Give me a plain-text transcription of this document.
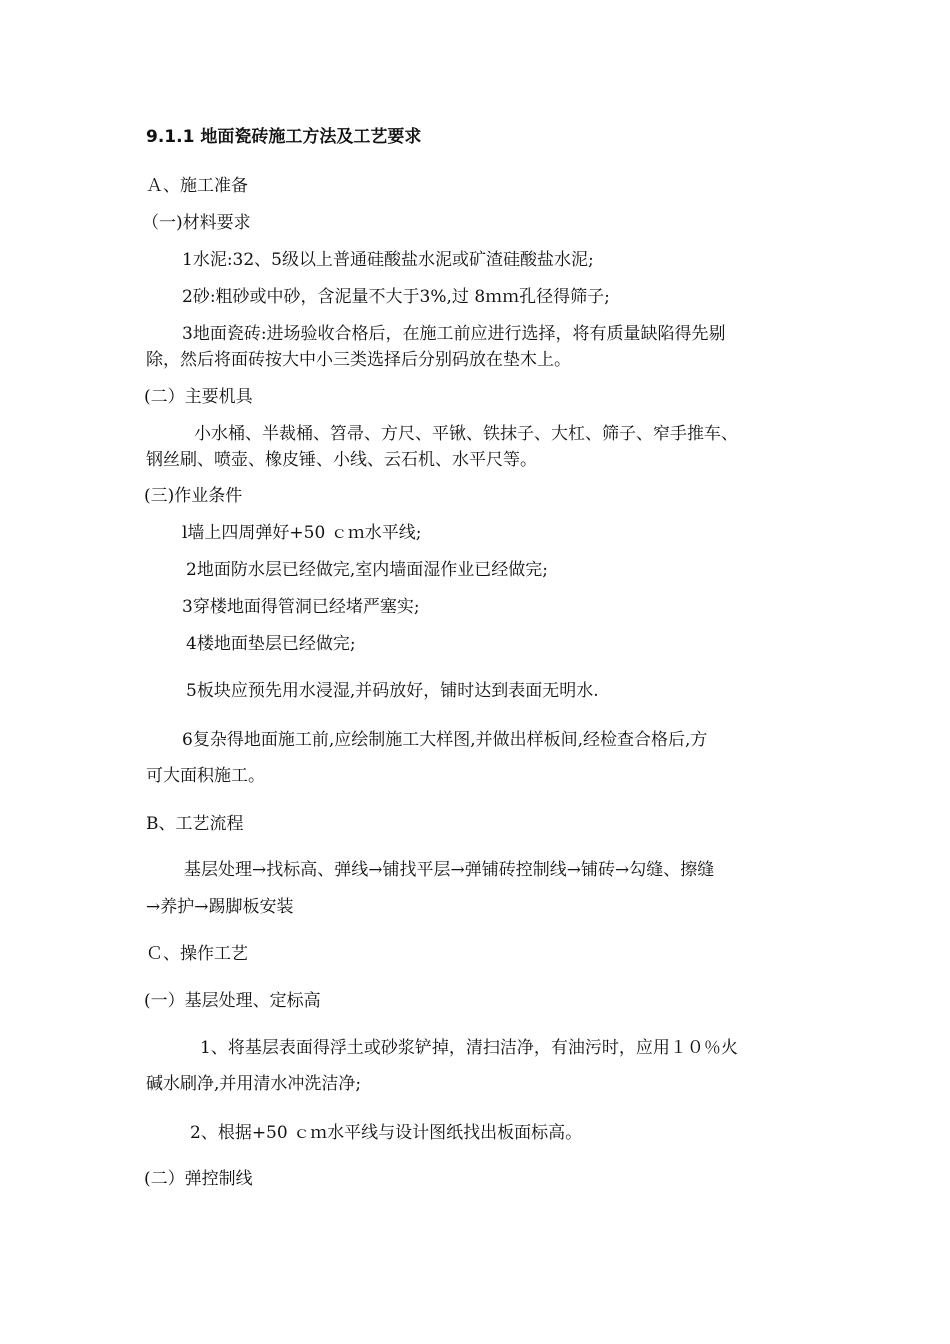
9.1.1 地面瓷砖施工方法及工艺要求
Ａ、施工准备
（一)材料要求
1水泥:32、5级以上普通硅酸盐水泥或矿渣硅酸盐水泥;
2砂:粗砂或中砂，含泥量不大于3%,过 8ｍｍ孔径得筛子;
3地面瓷砖:进场验收合格后，在施工前应进行选择，将有质量缺陷得先剔
除，然后将面砖按大中小三类选择后分别码放在垫木上。
(二）主要机具
小水桶、半裁桶、笤帚、方尺、平锹、铁抹子、大杠、筛子、窄手推车、
钢丝刷、喷壶、橡皮锤、小线、云石机、水平尺等。
(三)作业条件
l墙上四周弹好+50 ｃｍ水平线;
2地面防水层已经做完,室内墙面湿作业已经做完;
3穿楼地面得管洞已经堵严塞实;
4楼地面垫层已经做完;
5板块应预先用水浸湿,并码放好，铺时达到表面无明水.
6复杂得地面施工前,应绘制施工大样图,并做出样板间,经检查合格后,方
可大面积施工。
B、工艺流程
基层处理→找标高、弹线→铺找平层→弹铺砖控制线→铺砖→勾缝、擦缝
→养护→踢脚板安装
Ｃ、操作工艺
(一）基层处理、定标高
1、将基层表面得浮土或砂浆铲掉，清扫洁净，有油污时，应用１０％火
碱水刷净,并用清水冲洗洁净;
2、根据+50 ｃｍ水平线与设计图纸找出板面标高。
(二）弹控制线
